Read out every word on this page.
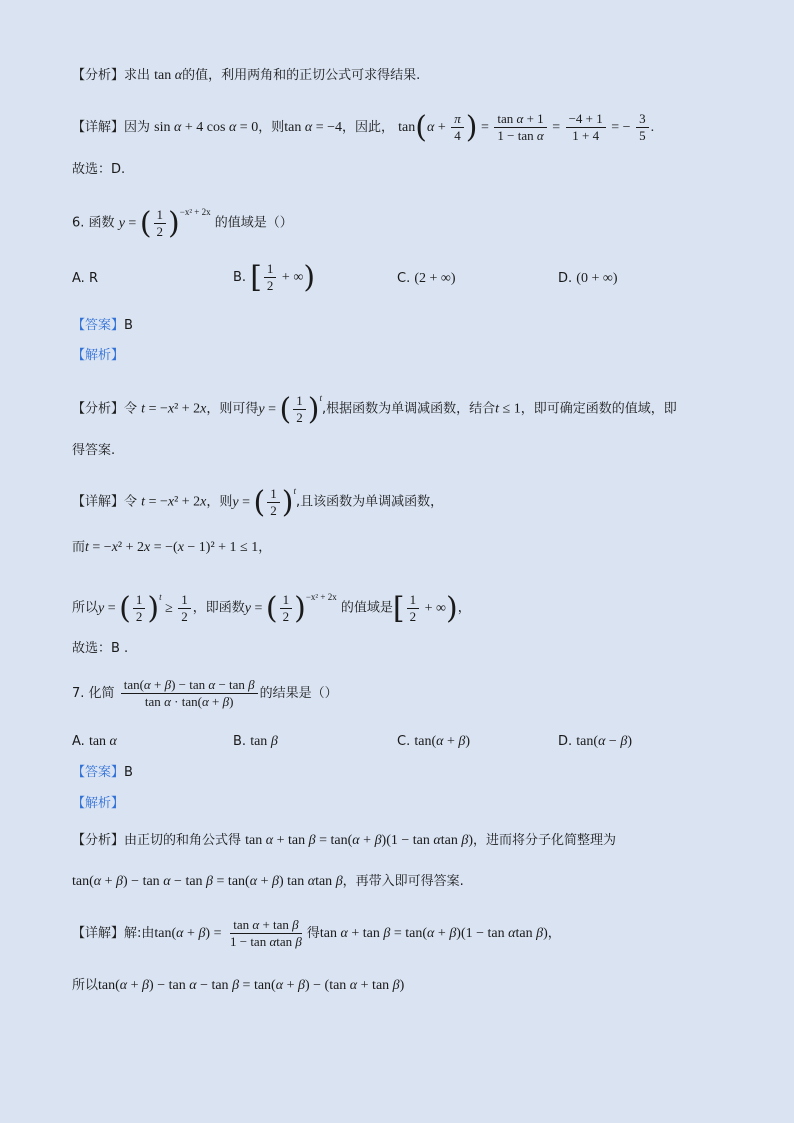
【分析】求出 tan α的值，利用两角和的正切公式可求得结果.
【详解】因为 sin α + 4 cos α = 0，则tan α = −4，因此， $\tan(\alpha + \frac{\pi}{4}$ ) = $\frac{\text{tan α + 1}}{\text{1 − tan α}} = \frac{-4 + 1}{1 + 4}$ = − $\frac{3}{5}$ .
故选：D.
6. 函数 y = ( $\frac{1}{2} )^{-x^2 + 2x}$ 的值域是（）
A. R	B. [ $\frac{1}{2}$ + ∞)	C. (2 + ∞)	D. (0 + ∞)
【答案】B
【解析】
【分析】令 t = −x² + 2x，则可得y = ( $\frac{1}{2} )^t$,根据函数为单调减函数，结合t ≤ 1，即可确定函数的值域，即
得答案.
【详解】令 t = −x² + 2x，则y = ( $\frac{1}{2} )^t$,且该函数为单调减函数，
而t = −x² + 2x = −(x − 1)² + 1 ≤ 1，
所以y = ( $\frac{1}{2} )^t \ge \frac{1}{2}$ ，即函数y = ( $\frac{1}{2} )^{-x^2 + 2x}$ 的值域是[ $\frac{1}{2}$ + ∞)，
故选：B .
7. 化简 $\frac{\text{tan(α + β) − tan α − tan β}}{\text{tan α · tan(α + β)}}$ 的结果是（）
A. tan α	B. tan β	C. tan(α + β)	D. tan(α − β)
【答案】B
【解析】
【分析】由正切的和角公式得 tan α + tan β = tan(α + β)(1 − tan αtan β)，进而将分子化简整理为
tan(α + β) − tan α − tan β = tan(α + β) tan αtan β，再带入即可得答案.
【详解】解:由$\tan(\alpha + \beta) = \frac{\text{tan α + tan β}}{\text{1 − tan αtan β}}$ 得tan α + tan β = tan(α + β)(1 − tan αtan β)，
所以tan(α + β) − tan α − tan β = tan(α + β) − (tan α + tan β)
